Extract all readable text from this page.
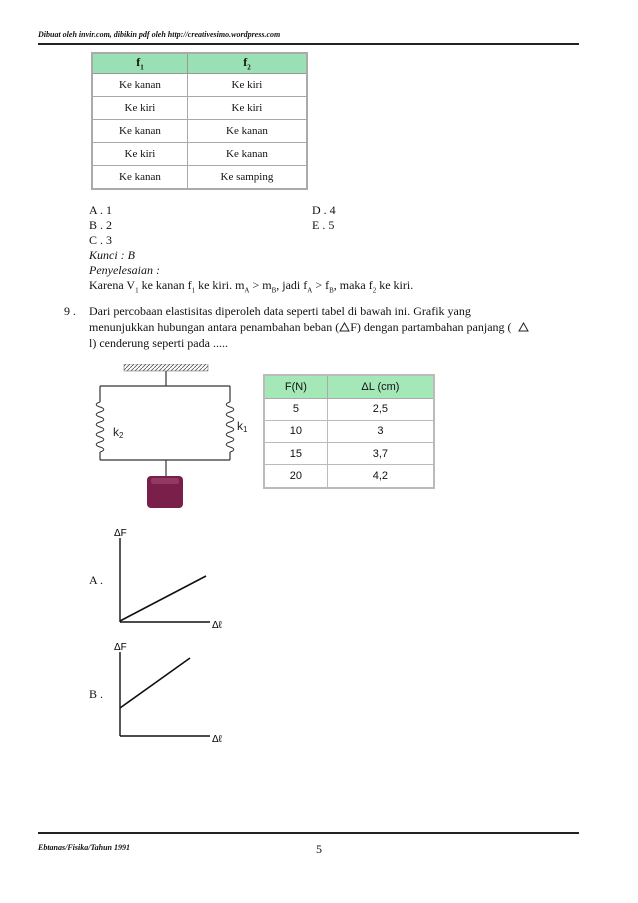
Dibuat oleh invir.com, dibikin pdf oleh http://creativesimo.wordpress.com
$f_1$	$f_2$
Ke kanan	Ke kiri
Ke kiri	Ke kiri
Ke kanan	Ke kanan
Ke kiri	Ke kanan
Ke kanan	Ke samping
A . 1
B . 2
C . 3
D . 4
E . 5
Kunci : B
Penyelesaian :
Karena $V_1$ ke kanan $f_1$ ke kiri. $m_A > m_B$, jadi $f_A > f_B$, maka $f_2$ ke kiri.
9 . Dari percobaan elastisitas diperoleh data seperti tabel di bawah ini. Grafik yang
menunjukkan hubungan antara penambahan beban ( F) dengan partambahan panjang (
l) cenderung seperti pada .....
k2
k1
F(N)	ΔL (cm)
5	2,5
10	3
15	3,7
20	4,2
A .
ΔF
Δℓ
B .
ΔF
Δℓ
Ebtanas/Fisika/Tahun 1991	5
